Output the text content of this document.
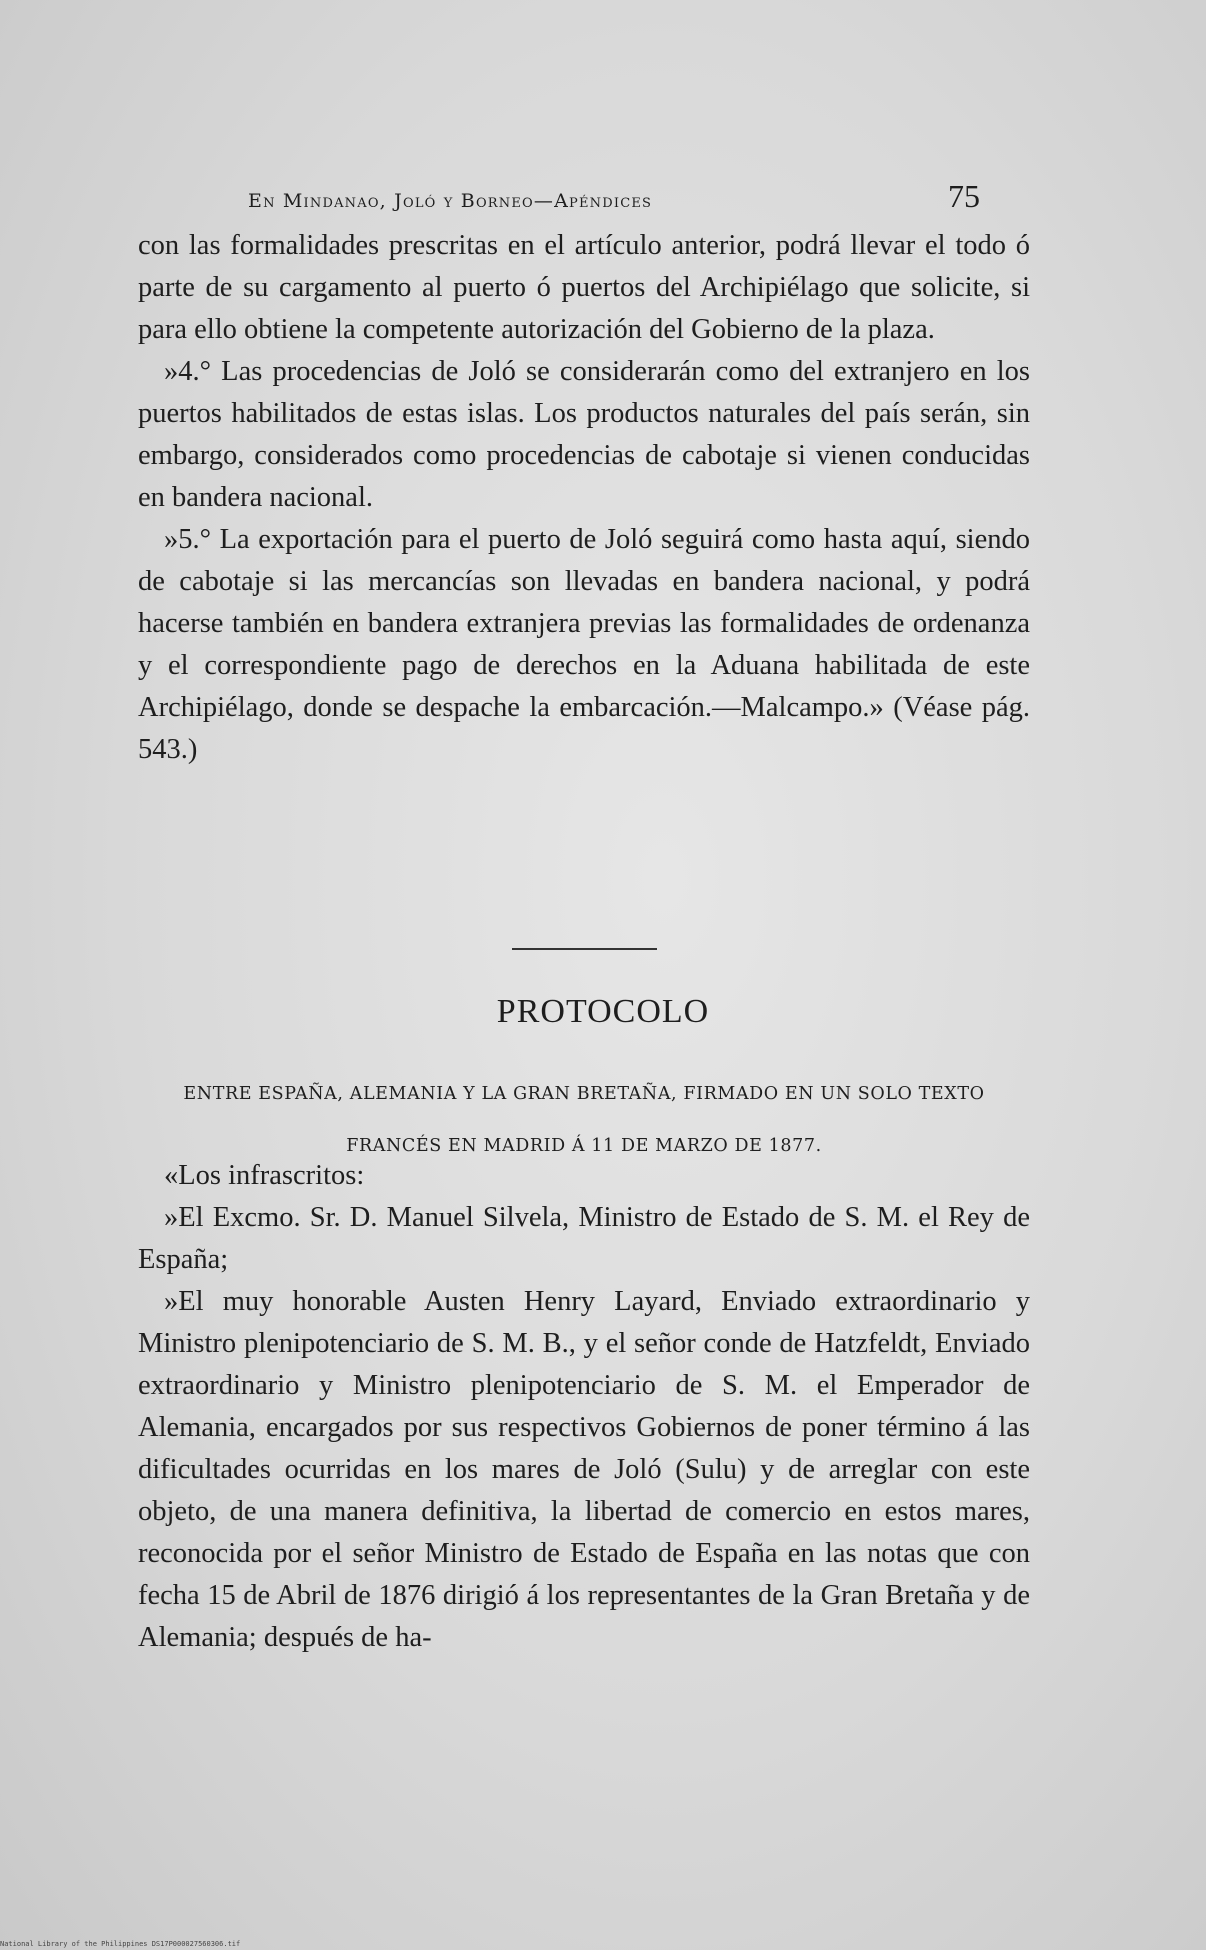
En Mindanao, Joló y Borneo—Apéndices	75

con las formalidades prescritas en el artículo anterior, podrá llevar el todo ó parte de su cargamento al puerto ó puertos del Archipiélago que solicite, si para ello obtiene la competente autorización del Gobierno de la plaza.

»4.° Las procedencias de Joló se considerarán como del extranjero en los puertos habilitados de estas islas. Los productos naturales del país serán, sin embargo, considerados como procedencias de cabotaje si vienen conducidas en bandera nacional.

»5.° La exportación para el puerto de Joló seguirá como hasta aquí, siendo de cabotaje si las mercancías son llevadas en bandera nacional, y podrá hacerse también en bandera extranjera previas las formalidades de ordenanza y el correspondiente pago de derechos en la Aduana habilitada de este Archipiélago, donde se despache la embarcación.—Malcampo.» (Véase pág. 543.)

PROTOCOLO
ENTRE ESPAÑA, ALEMANIA Y LA GRAN BRETAÑA, FIRMADO EN UN SOLO TEXTO FRANCÉS EN MADRID Á 11 DE MARZO DE 1877.

«Los infrascritos:

»El Excmo. Sr. D. Manuel Silvela, Ministro de Estado de S. M. el Rey de España;

»El muy honorable Austen Henry Layard, Enviado extraordinario y Ministro plenipotenciario de S. M. B., y el señor conde de Hatzfeldt, Enviado extraordinario y Ministro plenipotenciario de S. M. el Emperador de Alemania, encargados por sus respectivos Gobiernos de poner término á las dificultades ocurridas en los mares de Joló (Sulu) y de arreglar con este objeto, de una manera definitiva, la libertad de comercio en estos mares, reconocida por el señor Ministro de Estado de España en las notas que con fecha 15 de Abril de 1876 dirigió á los representantes de la Gran Bretaña y de Alemania; después de ha-

National Library of the Philippines DS17P000027560306.tif
